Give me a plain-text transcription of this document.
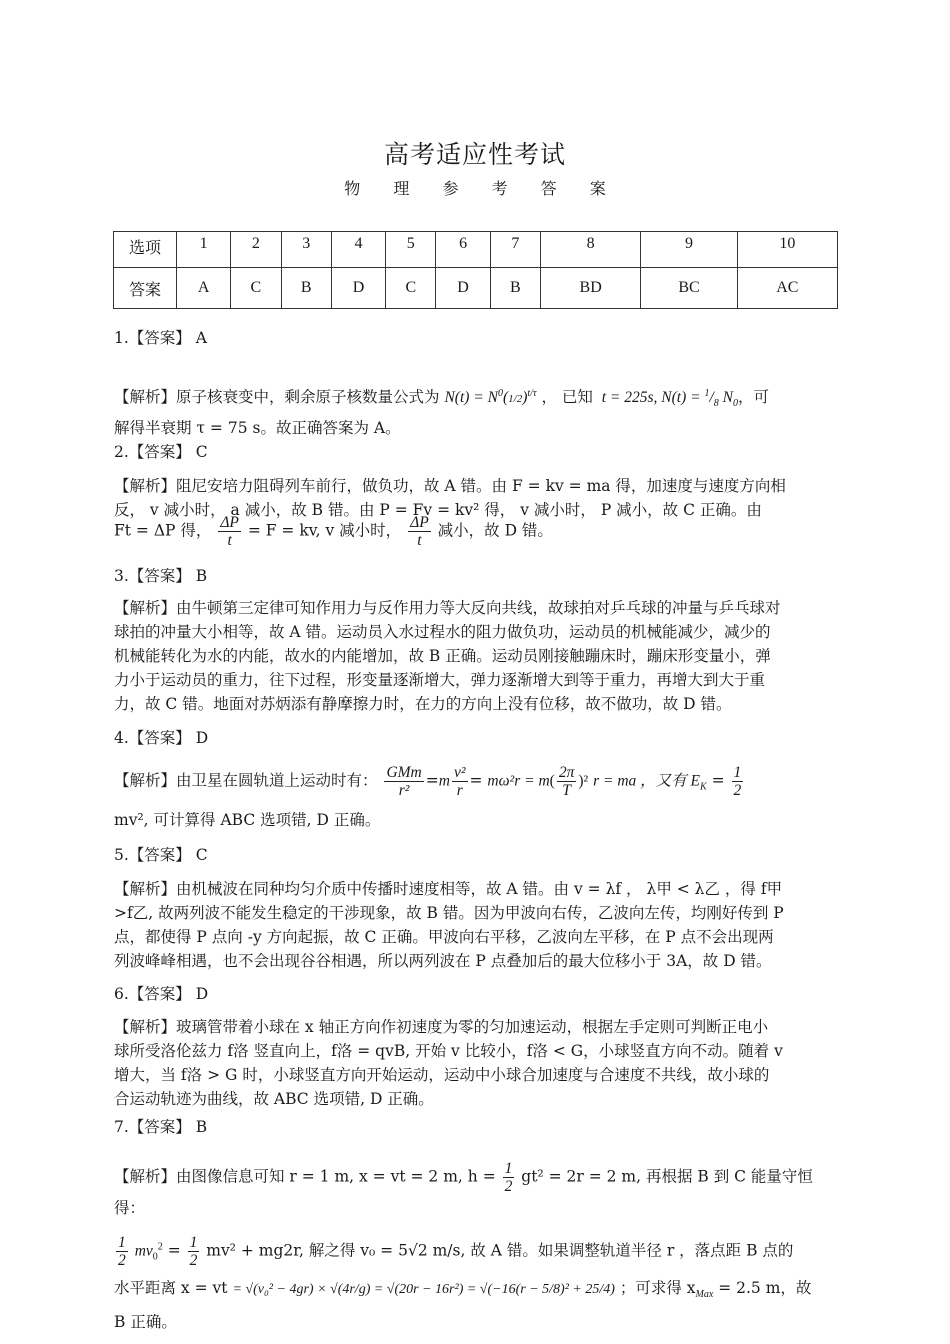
高考适应性考试
物 理 参 考 答 案
选项	1	2	3	4	5	6	7	8	9	10
答案	A	C	B	D	C	D	B	BD	BC	AC
1.【答案】 A
【解析】原子核衰变中，剩余原子核数量公式为 $N(t) = N^0(1/2)^{t/\tau}$ ， 已知  t = 225s, $N(t) = ^1/_8$ $N_0$，可
解得半衰期 τ = 75 s。故正确答案为 A。
2.【答案】 C
【解析】阻尼安培力阻碍列车前行，做负功，故 A 错。由 F = kv = ma 得，加速度与速度方向相
反， v 减小时， a 减小，故 B 错。由 P = Fv = kv² 得， v 减小时， P 减小，故 C 正确。由
Ft = ΔP 得， $\frac{\Delta P}{t} = F$ = kv, v 减小时， $\frac{\Delta P}{t}$ 减小，故 D 错。
3.【答案】 B
【解析】由牛顿第三定律可知作用力与反作用力等大反向共线，故球拍对乒乓球的冲量与乒乓球对
球拍的冲量大小相等，故 A 错。运动员入水过程水的阻力做负功，运动员的机械能减少，减少的
机械能转化为水的内能，故水的内能增加，故 B 正确。运动员刚接触蹦床时，蹦床形变量小，弹
力小于运动员的重力，往下过程，形变量逐渐增大，弹力逐渐增大到等于重力，再增大到大于重
力，故 C 错。地面对苏炳添有静摩擦力时，在力的方向上没有位移，故不做功，故 D 错。
4.【答案】 D
【解析】由卫星在圆轨道上运动时有： $\frac{\text{GMm}}{\text{r²}} =m \frac{\text{v²}}{r} = m\omega^2r = m( \frac{2\pi}{T} )^2$ r = ma ，又有 $E_K = \frac{1}{2}$
mv², 可计算得 ABC 选项错, D 正确。
5.【答案】 C
【解析】由机械波在同种均匀介质中传播时速度相等，故 A 错。由 v = λf ， λ甲 < λ乙 ，得 f甲
>f乙, 故两列波不能发生稳定的干涉现象，故 B 错。因为甲波向右传，乙波向左传，均刚好传到 P
点，都使得 P 点向 -y 方向起振，故 C 正确。甲波向右平移，乙波向左平移，在 P 点不会出现两
列波峰峰相遇，也不会出现谷谷相遇，所以两列波在 P 点叠加后的最大位移小于 3A，故 D 错。
6.【答案】 D
【解析】玻璃管带着小球在 x 轴正方向作初速度为零的匀加速运动，根据左手定则可判断正电小
球所受洛伦兹力 f洛 竖直向上，f洛 = qvB, 开始 v 比较小，f洛 < G，小球竖直方向不动。随着 v
增大，当 f洛 > G 时，小球竖直方向开始运动，运动中小球合加速度与合速度不共线，故小球的
合运动轨迹为曲线，故 ABC 选项错, D 正确。
7.【答案】 B
【解析】由图像信息可知 r = 1 m, x = vt = 2 m, $h = \frac{1}{2} gt^2 = 2r = 2$ m, 再根据 B 到 C 能量守恒
得：
$\frac{1}{2} mv_0^2 = \frac{1}{2} mv^2 + mg2r$, 解之得 v₀ = 5√2 m/s, 故 A 错。如果调整轨道半径 r ，落点距 B 点的
水平距离 x = vt = √(v₀² − 4gr) × √(4r/g) = √(20r − 16r²) = √(−16(r − 5/8)² + 25/4) ；可求得 $x_{Max} = 2.5$ m，故
B 正确。
